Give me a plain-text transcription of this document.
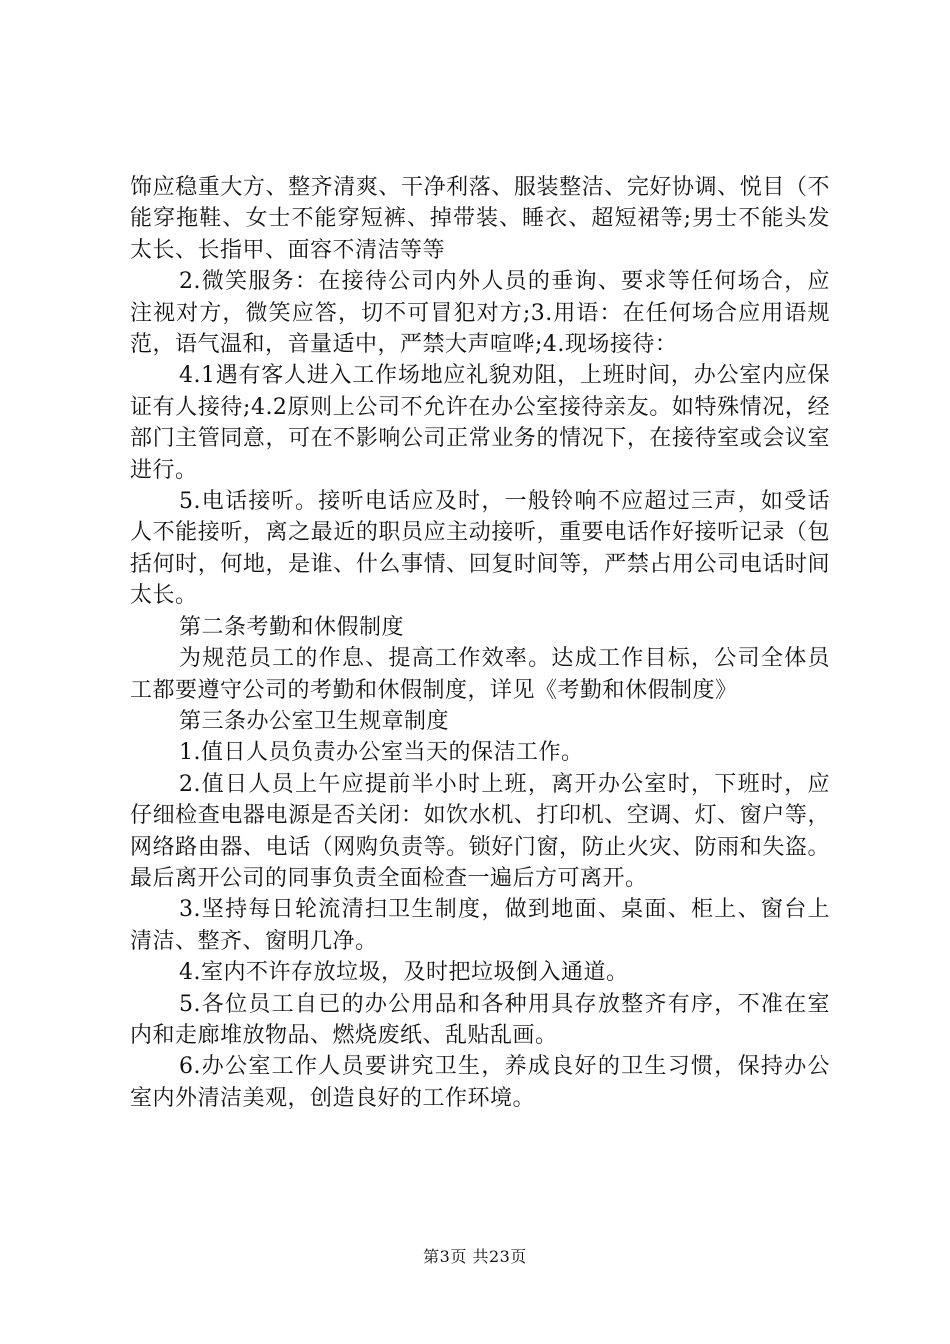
饰应稳重大方、整齐清爽、干净利落、服装整洁、完好协调、悦目（不能穿拖鞋、女士不能穿短裤、掉带装、睡衣、超短裙等;男士不能头发太长、长指甲、面容不清洁等等

2.微笑服务：在接待公司内外人员的垂询、要求等任何场合，应注视对方，微笑应答，切不可冒犯对方;3.用语：在任何场合应用语规范，语气温和，音量适中，严禁大声喧哗;4.现场接待：

4.1遇有客人进入工作场地应礼貌劝阻，上班时间，办公室内应保证有人接待;4.2原则上公司不允许在办公室接待亲友。如特殊情况，经部门主管同意，可在不影响公司正常业务的情况下，在接待室或会议室进行。

5.电话接听。接听电话应及时，一般铃响不应超过三声，如受话人不能接听，离之最近的职员应主动接听，重要电话作好接听记录（包括何时，何地，是谁、什么事情、回复时间等，严禁占用公司电话时间太长。

第二条考勤和休假制度

为规范员工的作息、提高工作效率。达成工作目标，公司全体员工都要遵守公司的考勤和休假制度，详见《考勤和休假制度》

第三条办公室卫生规章制度

1.值日人员负责办公室当天的保洁工作。

2.值日人员上午应提前半小时上班，离开办公室时，下班时，应仔细检查电器电源是否关闭：如饮水机、打印机、空调、灯、窗户等，网络路由器、电话（网购负责等。锁好门窗，防止火灾、防雨和失盗。最后离开公司的同事负责全面检查一遍后方可离开。

3.坚持每日轮流清扫卫生制度，做到地面、桌面、柜上、窗台上清洁、整齐、窗明几净。

4.室内不许存放垃圾，及时把垃圾倒入通道。

5.各位员工自已的办公用品和各种用具存放整齐有序，不准在室内和走廊堆放物品、燃烧废纸、乱贴乱画。

6.办公室工作人员要讲究卫生，养成良好的卫生习惯，保持办公室内外清洁美观，创造良好的工作环境。

第3页 共23页
